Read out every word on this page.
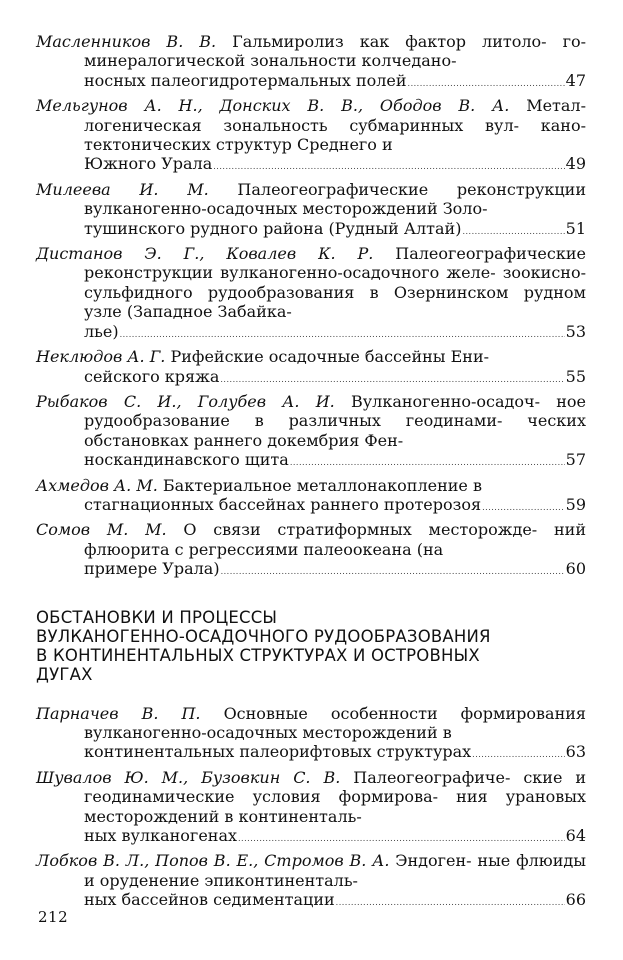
Масленников В. В. Гальмиролиз как фактор литоло- го-минералогической зональности колчедано-
носных палеогидротермальных полей .....	47
Мельгунов А. Н., Донских В. В., Ободов В. А. Метал- логеническая зональность субмаринных вул- кано-тектонических структур Среднего и
Южного Урала .....	49
Милеева И. М. Палеогеографические реконструкции вулканогенно-осадочных месторождений Золо-
тушинского рудного района (Рудный Алтай) .....	51
Дистанов Э. Г., Ковалев К. Р. Палеогеографические реконструкции вулканогенно-осадочного желе- зоокисно-сульфидного рудообразования в Озернинском рудном узле (Западное Забайка-
лье) .....	53
Неклюдов А. Г. Рифейские осадочные бассейны Ени-
сейского кряжа .....	55
Рыбаков С. И., Голубев А. И. Вулканогенно-осадоч- ное рудообразование в различных геодинами- ческих обстановках раннего докембрия Фен-
носкандинавского щита .....	57
Ахмедов А. М. Бактериальное металлонакопление в
стагнационных бассейнах раннего протерозоя .....	59
Сомов М. М. О связи стратиформных месторожде- ний флюорита с регрессиями палеоокеана (на
примере Урала) .....	60
ОБСТАНОВКИ И ПРОЦЕССЫ
ВУЛКАНОГЕННО-ОСАДОЧНОГО РУДООБРАЗОВАНИЯ
В КОНТИНЕНТАЛЬНЫХ СТРУКТУРАХ И ОСТРОВНЫХ
ДУГАХ
Парначев В. П. Основные особенности формирования вулканогенно-осадочных месторождений в
континентальных палеорифтовых структурах .....	63
Шувалов Ю. М., Бузовкин С. В. Палеогеографиче- ские и геодинамические условия формирова- ния урановых месторождений в континенталь-
ных вулканогенах .....	64
Лобков В. Л., Попов В. Е., Стромов В. А. Эндоген- ные флюиды и оруденение эпиконтиненталь-
ных бассейнов седиментации .....	66
212
